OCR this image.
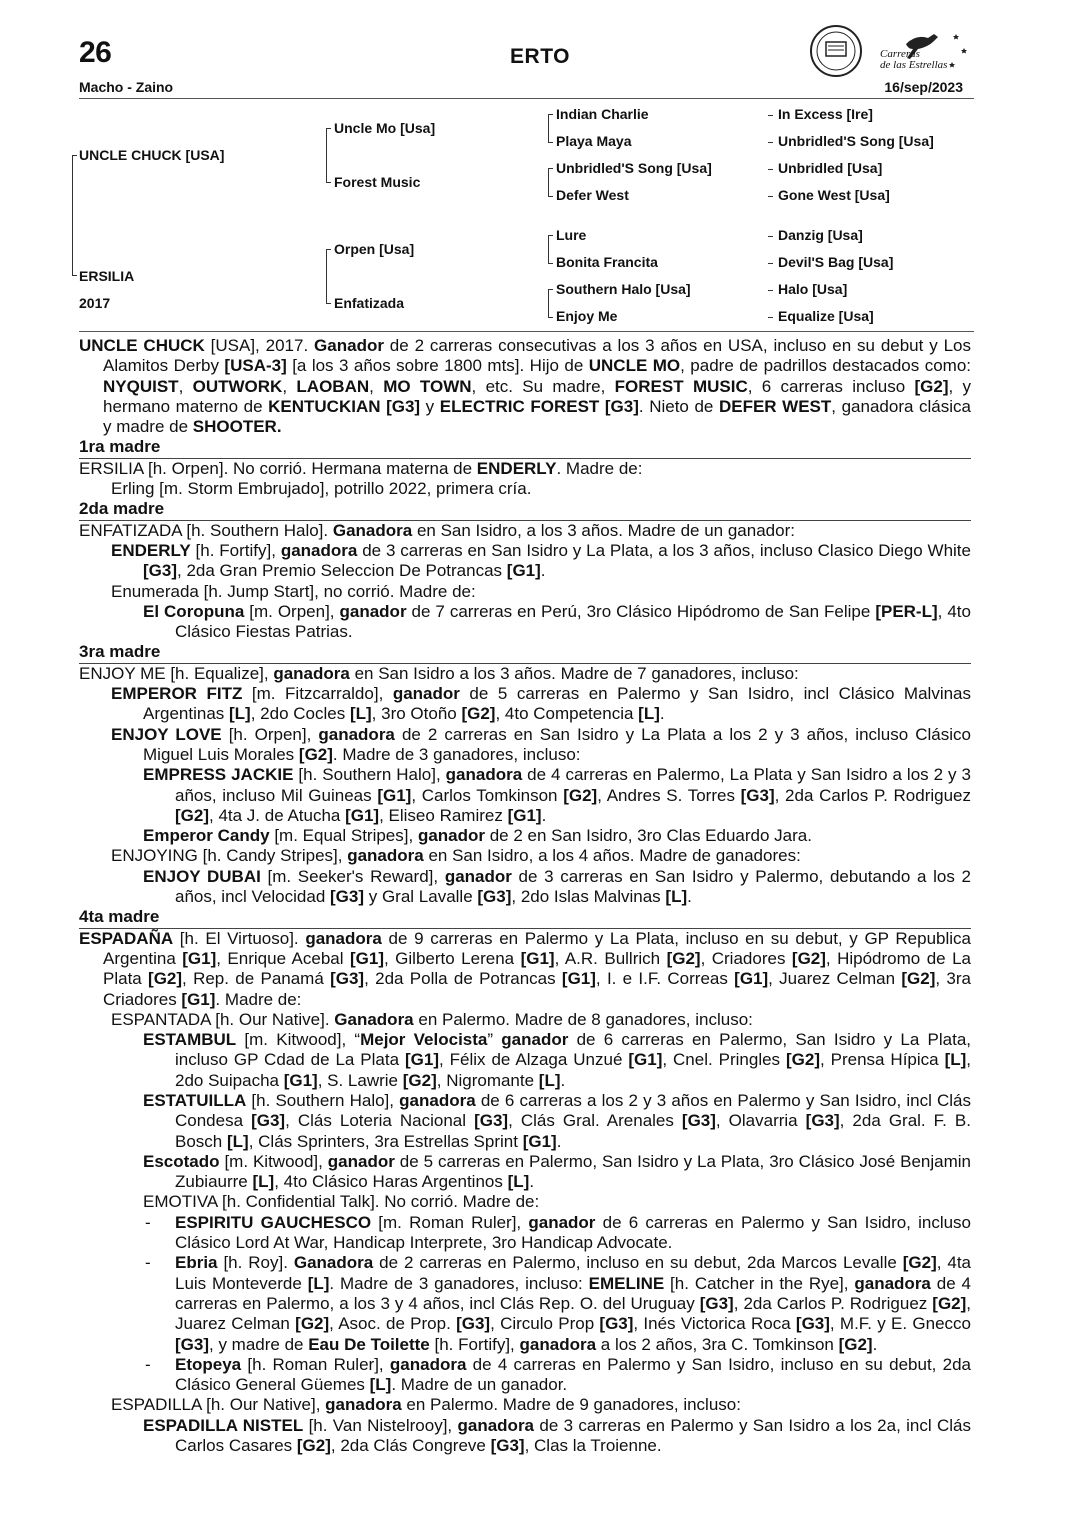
26	ERTO
Macho - Zaino	16/sep/2023
Carreras
de las Estrellas
UNCLE CHUCK [USA]
ERSILIA
2017
Uncle Mo [Usa]
Forest Music
Orpen [Usa]
Enfatizada
Indian Charlie
Playa Maya
Unbridled'S Song [Usa]
Defer West
Lure
Bonita Francita
Southern Halo [Usa]
Enjoy Me
In Excess [Ire]
Unbridled'S Song [Usa]
Unbridled [Usa]
Gone West [Usa]
Danzig [Usa]
Devil'S Bag [Usa]
Halo [Usa]
Equalize [Usa]

UNCLE CHUCK [USA], 2017. Ganador de 2 carreras consecutivas a los 3 años en USA, incluso en su debut y Los Alamitos Derby [USA-3] [a los 3 años sobre 1800 mts]. Hijo de UNCLE MO, padre de padrillos destacados como: NYQUIST, OUTWORK, LAOBAN, MO TOWN, etc. Su madre, FOREST MUSIC, 6 carreras incluso [G2], y hermano materno de KENTUCKIAN [G3] y ELECTRIC FOREST [G3]. Nieto de DEFER WEST, ganadora clásica y madre de SHOOTER.

1ra madre

ERSILIA [h. Orpen]. No corrió. Hermana materna de ENDERLY. Madre de:

Erling [m. Storm Embrujado], potrillo 2022, primera cría.

2da madre

ENFATIZADA [h. Southern Halo]. Ganadora en San Isidro, a los 3 años. Madre de un ganador:

ENDERLY [h. Fortify], ganadora de 3 carreras en San Isidro y La Plata, a los 3 años, incluso Clasico Diego White [G3], 2da Gran Premio Seleccion De Potrancas [G1].

Enumerada [h. Jump Start], no corrió. Madre de:

El Coropuna [m. Orpen], ganador de 7 carreras en Perú, 3ro Clásico Hipódromo de San Felipe [PER-L], 4to Clásico Fiestas Patrias.

3ra madre

ENJOY ME [h. Equalize], ganadora en San Isidro a los 3 años. Madre de 7 ganadores, incluso:

EMPEROR FITZ [m. Fitzcarraldo], ganador de 5 carreras en Palermo y San Isidro, incl Clásico Malvinas Argentinas [L], 2do Cocles [L], 3ro Otoño [G2], 4to Competencia [L].

ENJOY LOVE [h. Orpen], ganadora de 2 carreras en San Isidro y La Plata a los 2 y 3 años, incluso Clásico Miguel Luis Morales [G2]. Madre de 3 ganadores, incluso:

EMPRESS JACKIE [h. Southern Halo], ganadora de 4 carreras en Palermo, La Plata y San Isidro a los 2 y 3 años, incluso Mil Guineas [G1], Carlos Tomkinson [G2], Andres S. Torres [G3], 2da Carlos P. Rodriguez [G2], 4ta J. de Atucha [G1], Eliseo Ramirez [G1].

Emperor Candy [m. Equal Stripes], ganador de 2 en San Isidro, 3ro Clas Eduardo Jara.

ENJOYING [h. Candy Stripes], ganadora en San Isidro, a los 4 años. Madre de ganadores:

ENJOY DUBAI [m. Seeker's Reward], ganador de 3 carreras en San Isidro y Palermo, debutando a los 2 años, incl Velocidad [G3] y Gral Lavalle [G3], 2do Islas Malvinas [L].

4ta madre

ESPADAÑA [h. El Virtuoso]. ganadora de 9 carreras en Palermo y La Plata, incluso en su debut, y GP Republica Argentina [G1], Enrique Acebal [G1], Gilberto Lerena [G1], A.R. Bullrich [G2], Criadores [G2], Hipódromo de La Plata [G2], Rep. de Panamá [G3], 2da Polla de Potrancas [G1], I. e I.F. Correas [G1], Juarez Celman [G2], 3ra Criadores [G1]. Madre de:

ESPANTADA [h. Our Native]. Ganadora en Palermo. Madre de 8 ganadores, incluso:

ESTAMBUL [m. Kitwood], “Mejor Velocista” ganador de 6 carreras en Palermo, San Isidro y La Plata, incluso GP Cdad de La Plata [G1], Félix de Alzaga Unzué [G1], Cnel. Pringles [G2], Prensa Hípica [L], 2do Suipacha [G1], S. Lawrie [G2], Nigromante [L].

ESTATUILLA [h. Southern Halo], ganadora de 6 carreras a los 2 y 3 años en Palermo y San Isidro, incl Clás Condesa [G3], Clás Loteria Nacional [G3], Clás Gral. Arenales [G3], Olavarria [G3], 2da Gral. F. B. Bosch [L], Clás Sprinters, 3ra Estrellas Sprint [G1].

Escotado [m. Kitwood], ganador de 5 carreras en Palermo, San Isidro y La Plata, 3ro Clásico José Benjamin Zubiaurre [L], 4to Clásico Haras Argentinos [L].

EMOTIVA [h. Confidential Talk]. No corrió. Madre de:

- ESPIRITU GAUCHESCO [m. Roman Ruler], ganador de 6 carreras en Palermo y San Isidro, incluso Clásico Lord At War, Handicap Interprete, 3ro Handicap Advocate.

- Ebria [h. Roy]. Ganadora de 2 carreras en Palermo, incluso en su debut, 2da Marcos Levalle [G2], 4ta Luis Monteverde [L]. Madre de 3 ganadores, incluso: EMELINE [h. Catcher in the Rye], ganadora de 4 carreras en Palermo, a los 3 y 4 años, incl Clás Rep. O. del Uruguay [G3], 2da Carlos P. Rodriguez [G2], Juarez Celman [G2], Asoc. de Prop. [G3], Circulo Prop [G3], Inés Victorica Roca [G3], M.F. y E. Gnecco [G3], y madre de Eau De Toilette [h. Fortify], ganadora a los 2 años, 3ra C. Tomkinson [G2].

- Etopeya [h. Roman Ruler], ganadora de 4 carreras en Palermo y San Isidro, incluso en su debut, 2da Clásico General Güemes [L]. Madre de un ganador.

ESPADILLA [h. Our Native], ganadora en Palermo. Madre de 9 ganadores, incluso:

ESPADILLA NISTEL [h. Van Nistelrooy], ganadora de 3 carreras en Palermo y San Isidro a los 2a, incl Clás Carlos Casares [G2], 2da Clás Congreve [G3], Clas la Troienne.
